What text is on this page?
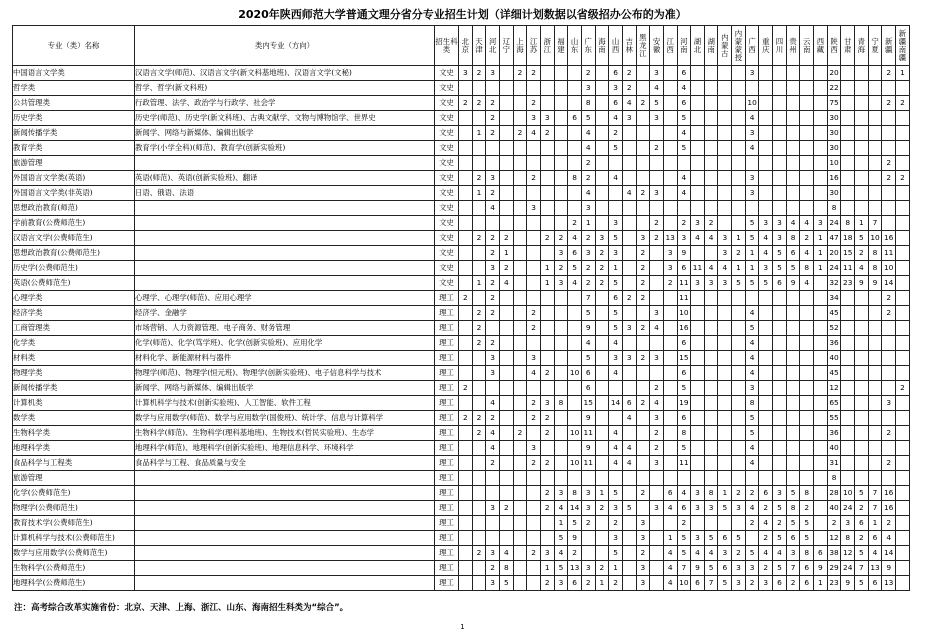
2020年陕西师范大学普通文理分省分专业招生计划（详细计划数据以省级招办公布的为准）
专业（类）名称	类内专业（方向）	招生科类	北京	天津	河北	辽宁	上海	江苏	浙江	福建	山东	广东	海南	山西	吉林	黑龙江	安徽	江西	河南	湖北	湖南	内蒙古	内蒙蒙授	广西	重庆	四川	贵州	云南	西藏	陕西	甘肃	青海	宁夏	新疆	新疆南疆
中国语言文学类	汉语言文学(师范)、汉语言文学(新文科基地班)、汉语言文学(文秘)	文史	3	2	3		2	2				2		6	2		3		6					3						20				2	1
哲学类	哲学、哲学(新文科班)	文史										3		3	2		4		4											22					
公共管理类	行政管理、法学、政治学与行政学、社会学	文史	2	2	2			2				8		6	4	2	5		6					10						75				2	2
历史学类	历史学(师范)、历史学(新文科班)、古典文献学、文物与博物馆学、世界史	文史			2			3	3		6	5		4	3		3		5					4						30					
新闻传播学类	新闻学、网络与新媒体、编辑出版学	文史		1	2		2	4	2			4		2					4					3						30					
教育学类	教育学(小学全科)(师范)、教育学(创新实验班)	文史										4		5			2		5					4						30					
旅游管理		文史										2																		10				2	
外国语言文学类(英语)	英语(师范)、英语(创新实验班)、翻译	文史		2	3			2			8	2		4					4					3						16				2	2
外国语言文学类(非英语)	日语、俄语、法语	文史		1	2							4			4	2	3		4					3						30					
思想政治教育(师范)		文史			4			3				3																		8					
学前教育(公费师范生)		文史									2	1		3			2		2	3	2			5	3	3	4	4	3	24	8	1	7		
汉语言文学(公费师范生)		文史		2	2	2			2	2	4	2	3	5		3	2	13	3	4	4	3	1	5	4	3	8	2	1	47	18	5	10	16	
思想政治教育(公费师范生)		文史			2	1				3	6	3	2	3		2		3	9			3	2	1	4	5	6	4	1	20	15	2	8	11	
历史学(公费师范生)		文史			3	2			1	2	5	2	2	1		2		3	6	11	4	4	1	1	3	5	5	8	1	24	11	4	8	10	
英语(公费师范生)		文史		1	2	4			1	3	4	2	2	5		2		2	11	3	3	3	5	5	5	6	9	4		32	23	9	9	14	
心理学类	心理学、心理学(师范)、应用心理学	理工	2		2							7		6	2	2			11											34				2	
经济学类	经济学、金融学	理工		2	2			2				5		5			3		10					4						45				2	
工商管理类	市场营销、人力资源管理、电子商务、财务管理	理工		2				2				9		5	3	2	4		16					5						52					
化学类	化学(师范)、化学(笃学班)、化学(创新实验班)、应用化学	理工		2	2							4		4					6					4						36					
材料类	材料化学、新能源材料与器件	理工			3			3				5		3	3	2	3		15					4						40					
物理学类	物理学(师范)、物理学(恒元班)、物理学(创新实验班)、电子信息科学与技术	理工			3			4	2		10	6		4					6					4						45					
新闻传播学类	新闻学、网络与新媒体、编辑出版学	理工	2									6					2		5					3						12					2
计算机类	计算机科学与技术(创新实验班)、人工智能、软件工程	理工			4			2	3	8		15		14	6	2	4		19					8						65				3	
数学类	数学与应用数学(师范)、数学与应用数学(国俊班)、统计学、信息与计算科学	理工	2	2	2			2	2			9			4		3		6					5						55					
生物科学类	生物科学(师范)、生物科学(理科基地班)、生物技术(哲民实验班)、生态学	理工		2	4		2		2		10	11		4			2		8					5						36				2	
地理科学类	地理科学(师范)、地理科学(创新实验班)、地理信息科学、环境科学	理工			4			3				9		4	4		2		5					4						40					
食品科学与工程类	食品科学与工程、食品质量与安全	理工			2			2	2		10	11		4	4		3		11					4						31				2	
旅游管理		理工																												8					
化学(公费师范生)		理工							2	3	8	3	1	5		2		6	4	3	8	1	2	2	6	3	5	8		28	10	5	7	16	
物理学(公费师范生)		理工			3	2			2	4	14	3	2	3	5		3	4	6	3	3	5	3	4	2	5	8	2		40	24	2	7	16	
教育技术学(公费师范生)		理工								1	5	2		2		3			2					2	4	2	5	5		2	3	6	1	2	
计算机科学与技术(公费师范生)		理工								5	9			3		3		1	5	3	5	6	5		2	5	6	5		12	8	2	6	4	
数学与应用数学(公费师范生)		理工		2	3	4		2	3	4	2			5		2		4	5	4	4	3	2	5	4	4	3	8	6	38	12	5	4	14	
生物科学(公费师范生)		理工			2	8			1	5	13	3	2	1		3		4	7	9	5	6	3	3	2	5	7	6	9	29	24	7	13	9	
地理科学(公费师范生)		理工			3	5			2	3	6	2	1	2		3		4	10	6	7	5	3	2	3	6	2	6	1	23	9	5	6	13	
注：高考综合改革实施省份：北京、天津、上海、浙江、山东、海南招生科类为“综合”。
1
